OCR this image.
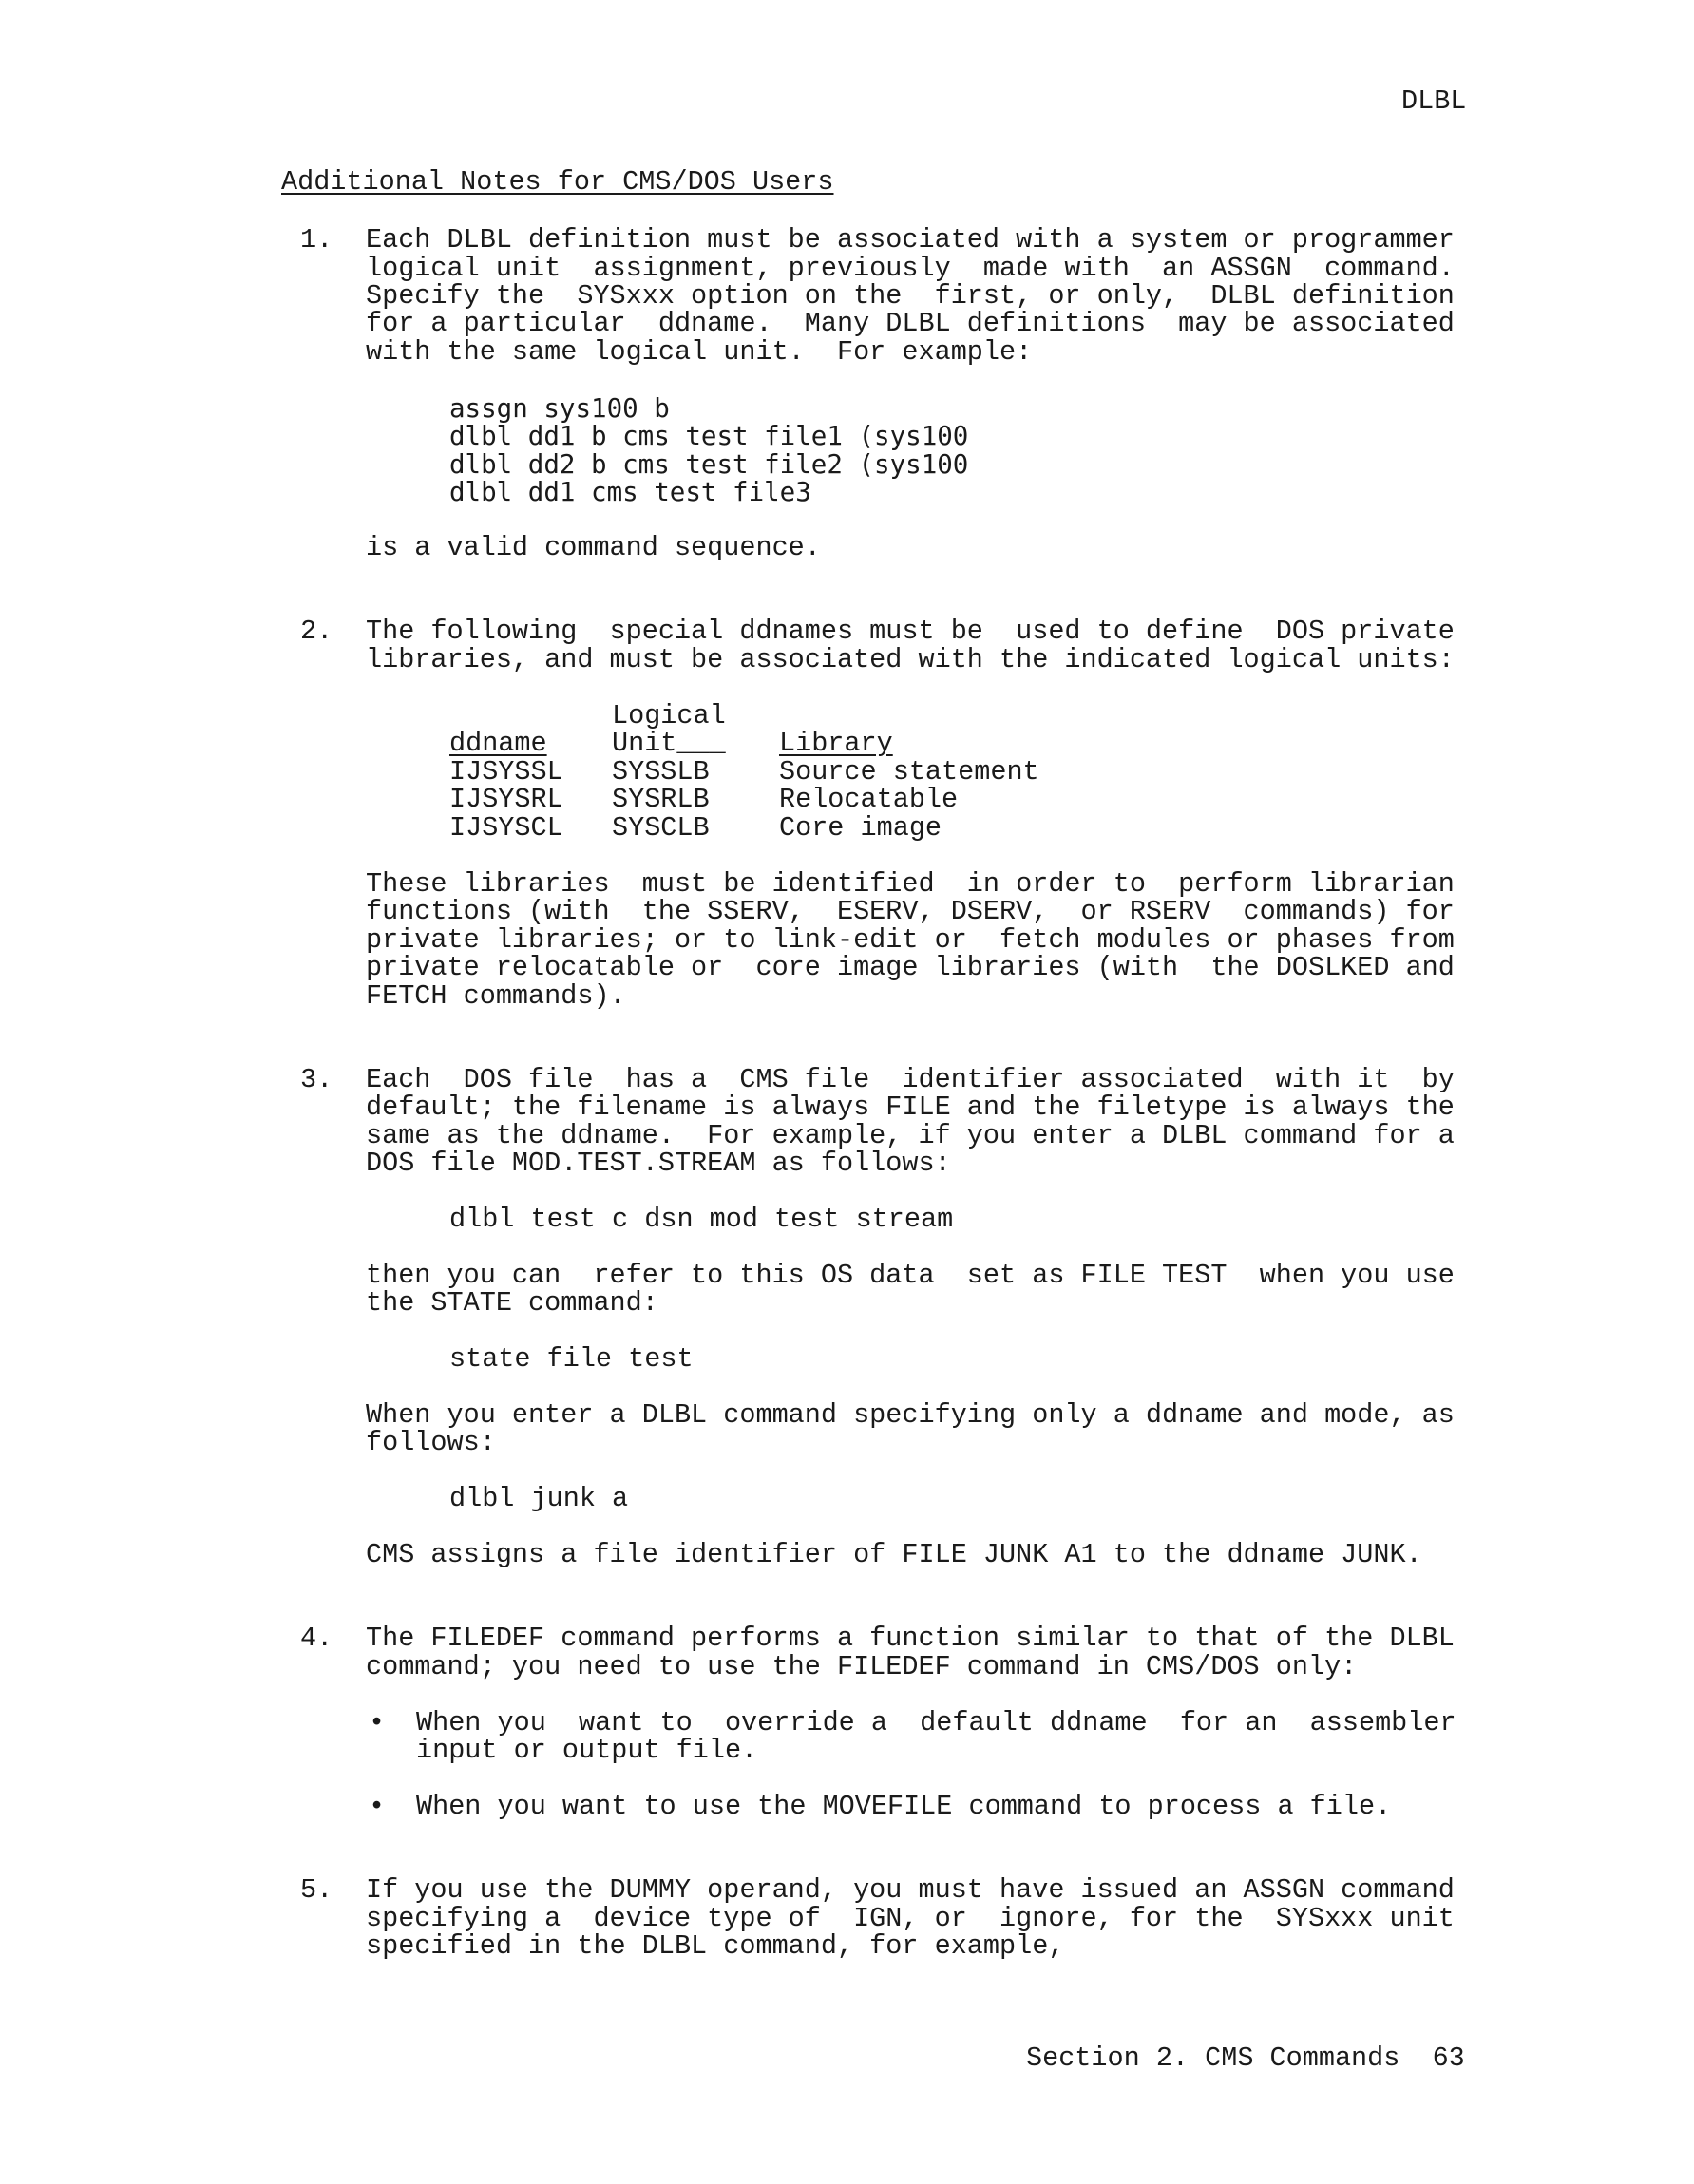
DLBL
Additional Notes for CMS/DOS Users
1. Each DLBL definition must be associated with a system or programmer
logical unit  assignment, previously  made with  an ASSGN  command.
Specify the  SYSxxx option on the  first, or only,  DLBL definition
for a particular  ddname.  Many DLBL definitions  may be associated
with the same logical unit.  For example:
assgn sys100 b
dlbl dd1 b cms test file1 (sys100
dlbl dd2 b cms test file2 (sys100
dlbl dd1 cms test file3
is a valid command sequence.
2. The following  special ddnames must be  used to define  DOS private
libraries, and must be associated with the indicated logical units:
Logical
ddname Unit___ Library
IJSYSSL SYSSLB	Source statement
IJSYSRL SYSRLB	Relocatable
IJSYSCL SYSCLB	Core image
These libraries  must be identified  in order to  perform librarian
functions (with  the SSERV,  ESERV, DSERV,  or RSERV  commands) for
private libraries; or to link-edit or  fetch modules or phases from
private relocatable or  core image libraries (with  the DOSLKED and
FETCH commands).
3. Each  DOS file  has a  CMS file  identifier associated  with it  by
default; the filename is always FILE and the filetype is always the
same as the ddname.  For example, if you enter a DLBL command for a
DOS file MOD.TEST.STREAM as follows:
dlbl test c dsn mod test stream
then you can  refer to this OS data  set as FILE TEST  when you use
the STATE command:
state file test
When you enter a DLBL command specifying only a ddname and mode, as
follows:
dlbl junk a
CMS assigns a file identifier of FILE JUNK A1 to the ddname JUNK.
4. The FILEDEF command performs a function similar to that of the DLBL
command; you need to use the FILEDEF command in CMS/DOS only:
• When you  want to  override a  default ddname  for an  assembler
input or output file.
• When you want to use the MOVEFILE command to process a file.
5. If you use the DUMMY operand, you must have issued an ASSGN command
specifying a  device type of  IGN, or  ignore, for the  SYSxxx unit
specified in the DLBL command, for example,
Section 2. CMS Commands  63
